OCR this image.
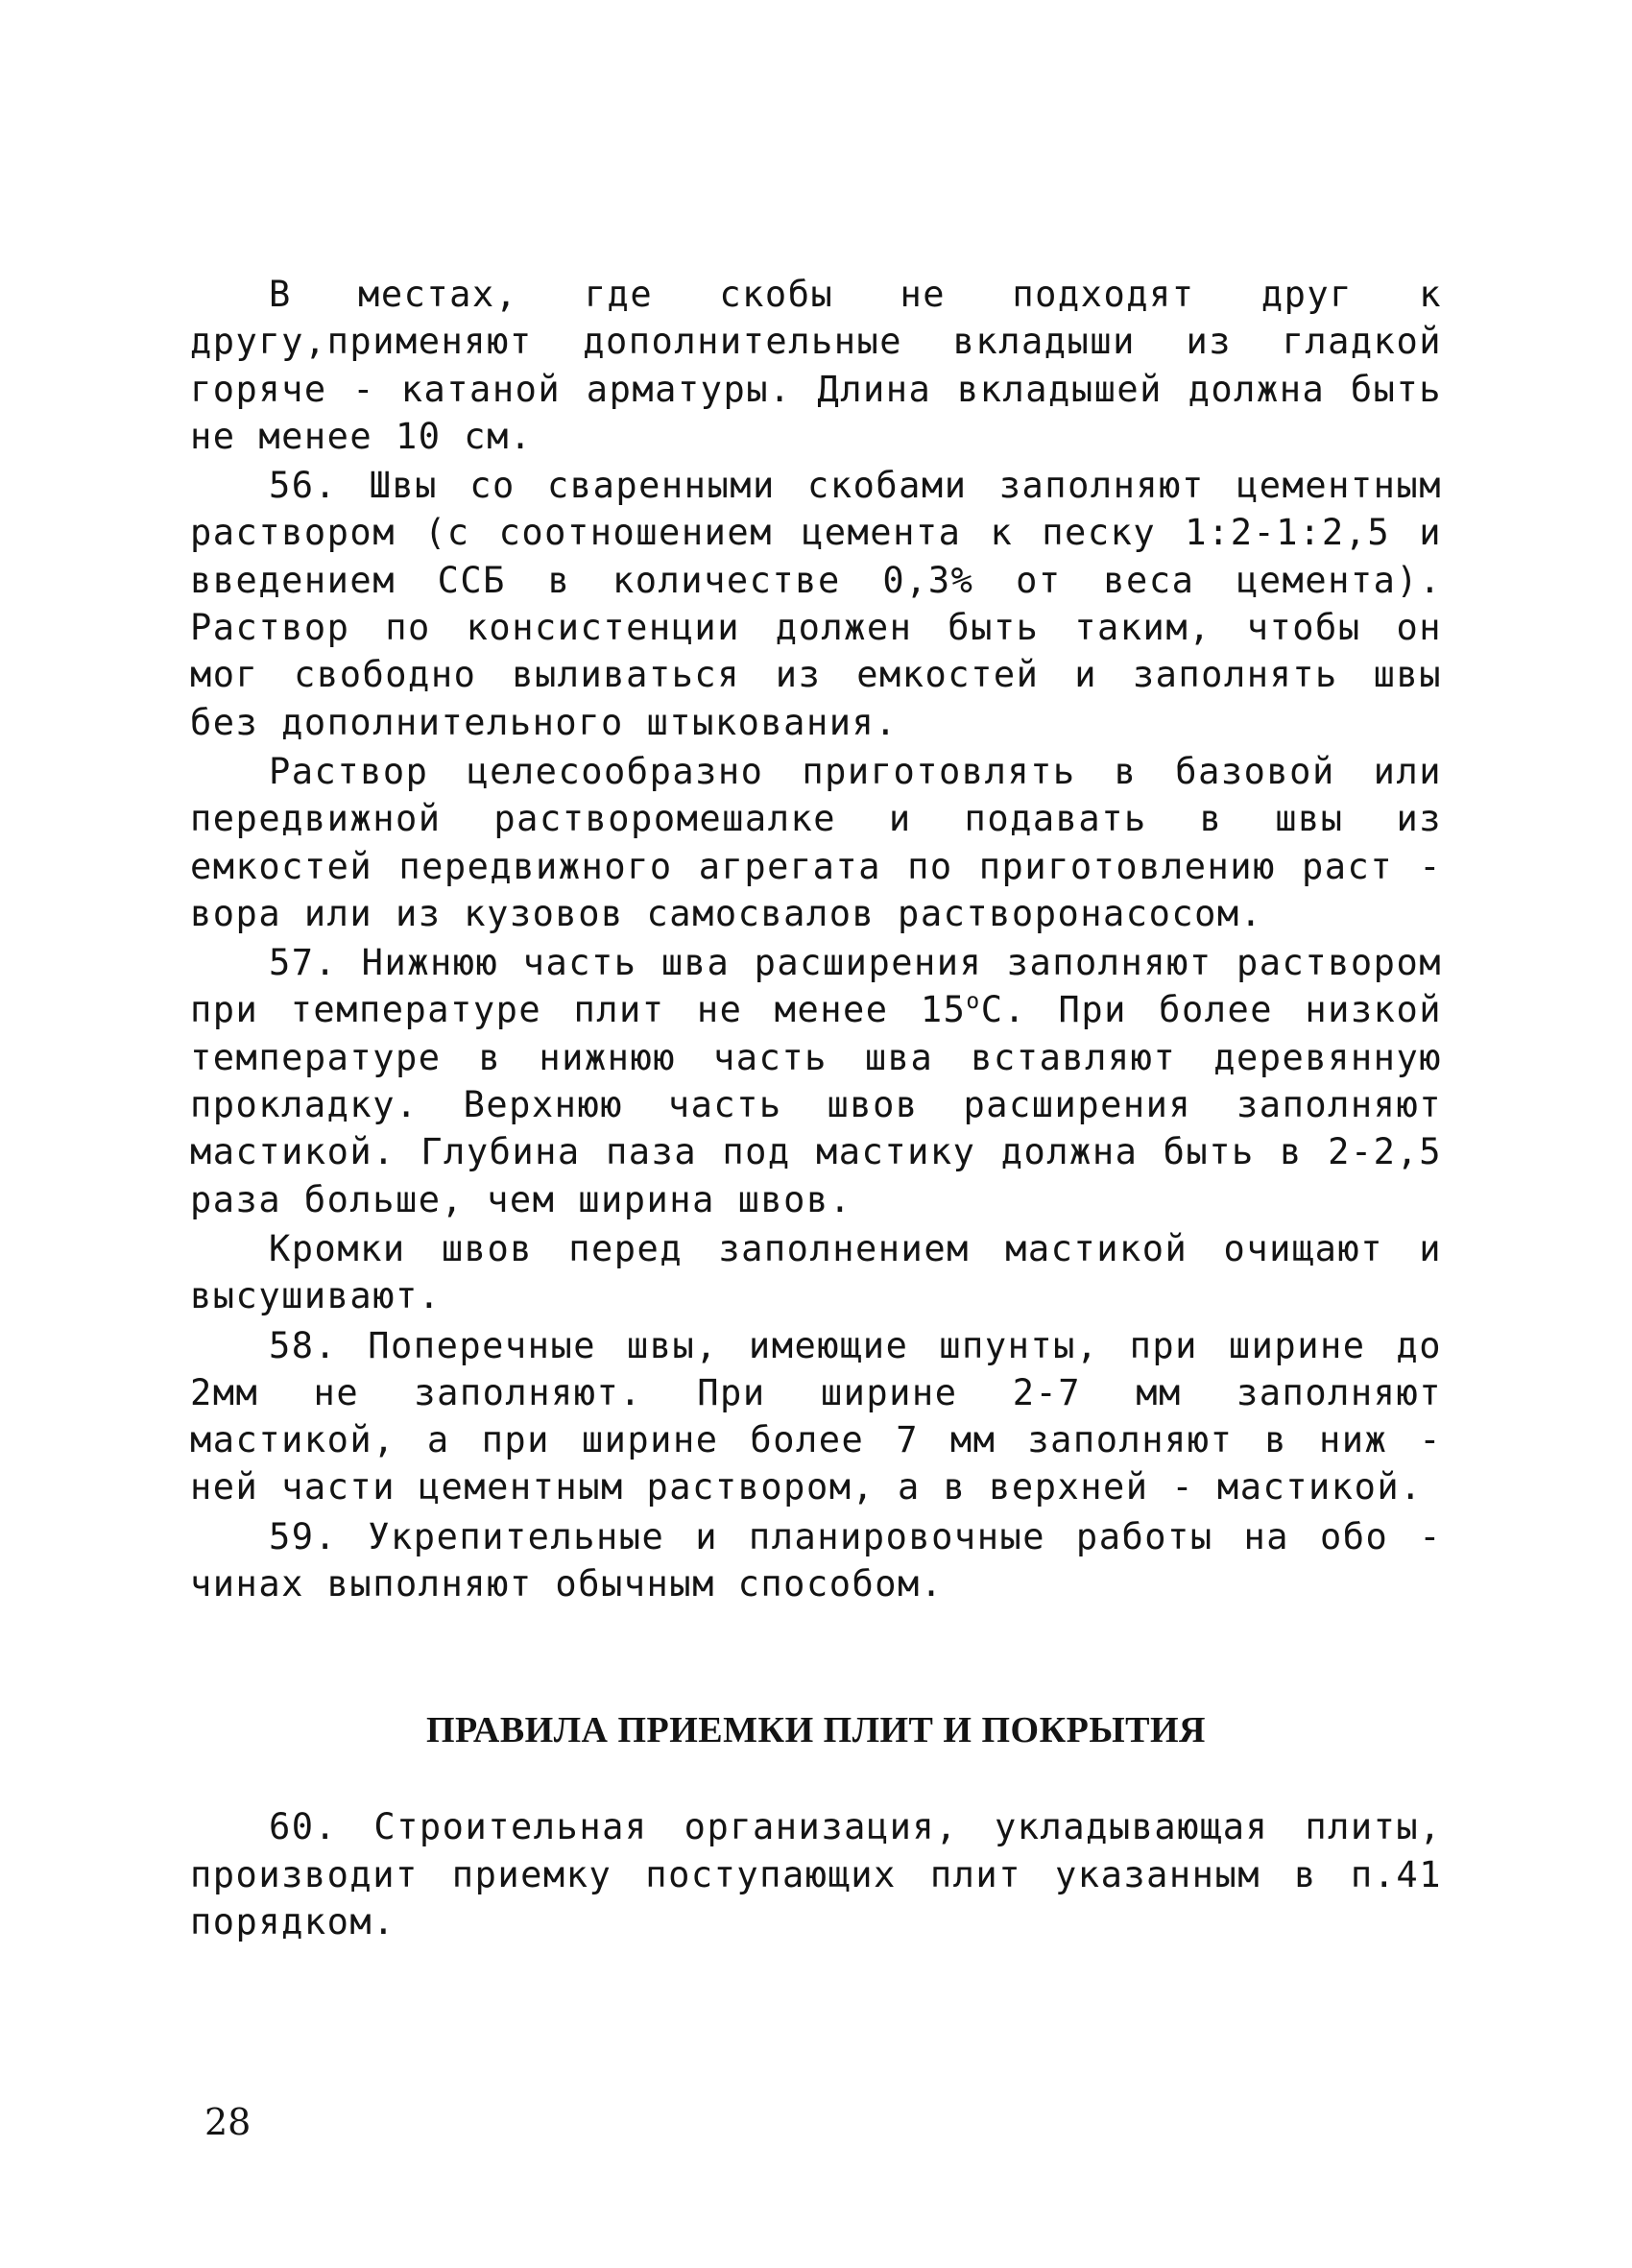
В местах, где скобы не подходят друг к другу,применяют дополнительные вкладыши из гладкой горяче - катаной арматуры. Длина вкладышей должна быть не менее 10 см.

56. Швы со сваренными скобами заполняют цементным раствором (с соотношением цемента к песку 1:2-1:2,5 и введением ССБ в количестве 0,3% от веса цемента). Раствор по консистенции должен быть таким, чтобы он мог свободно выливаться из емкостей и заполнять швы без дополнительного штыкования.

Раствор целесообразно приготовлять в базовой или передвижной растворомешалке и подавать в швы из емкостей передвижного агрегата по приготовлению раст - вора или из кузовов самосвалов растворонасосом.

57. Нижнюю часть шва расширения заполняют раствором при температуре плит не менее $15^оС$. При более низкой температуре в нижнюю часть шва вставляют деревянную прокладку. Верхнюю часть швов расширения заполняют мастикой. Глубина паза под мастику должна быть в 2-2,5 раза больше, чем ширина швов.

Кромки швов перед заполнением мастикой очищают и высушивают.

58. Поперечные швы, имеющие шпунты, при ширине до 2мм не заполняют. При ширине 2-7 мм заполняют мастикой, а при ширине более 7 мм заполняют в ниж - ней части цементным раствором, а в верхней - мастикой.

59. Укрепительные и планировочные работы на обо - чинах выполняют обычным способом.

ПРАВИЛА ПРИЕМКИ ПЛИТ И ПОКРЫТИЯ

60. Строительная организация, укладывающая плиты, производит приемку поступающих плит указанным в п.41 порядком.

28
